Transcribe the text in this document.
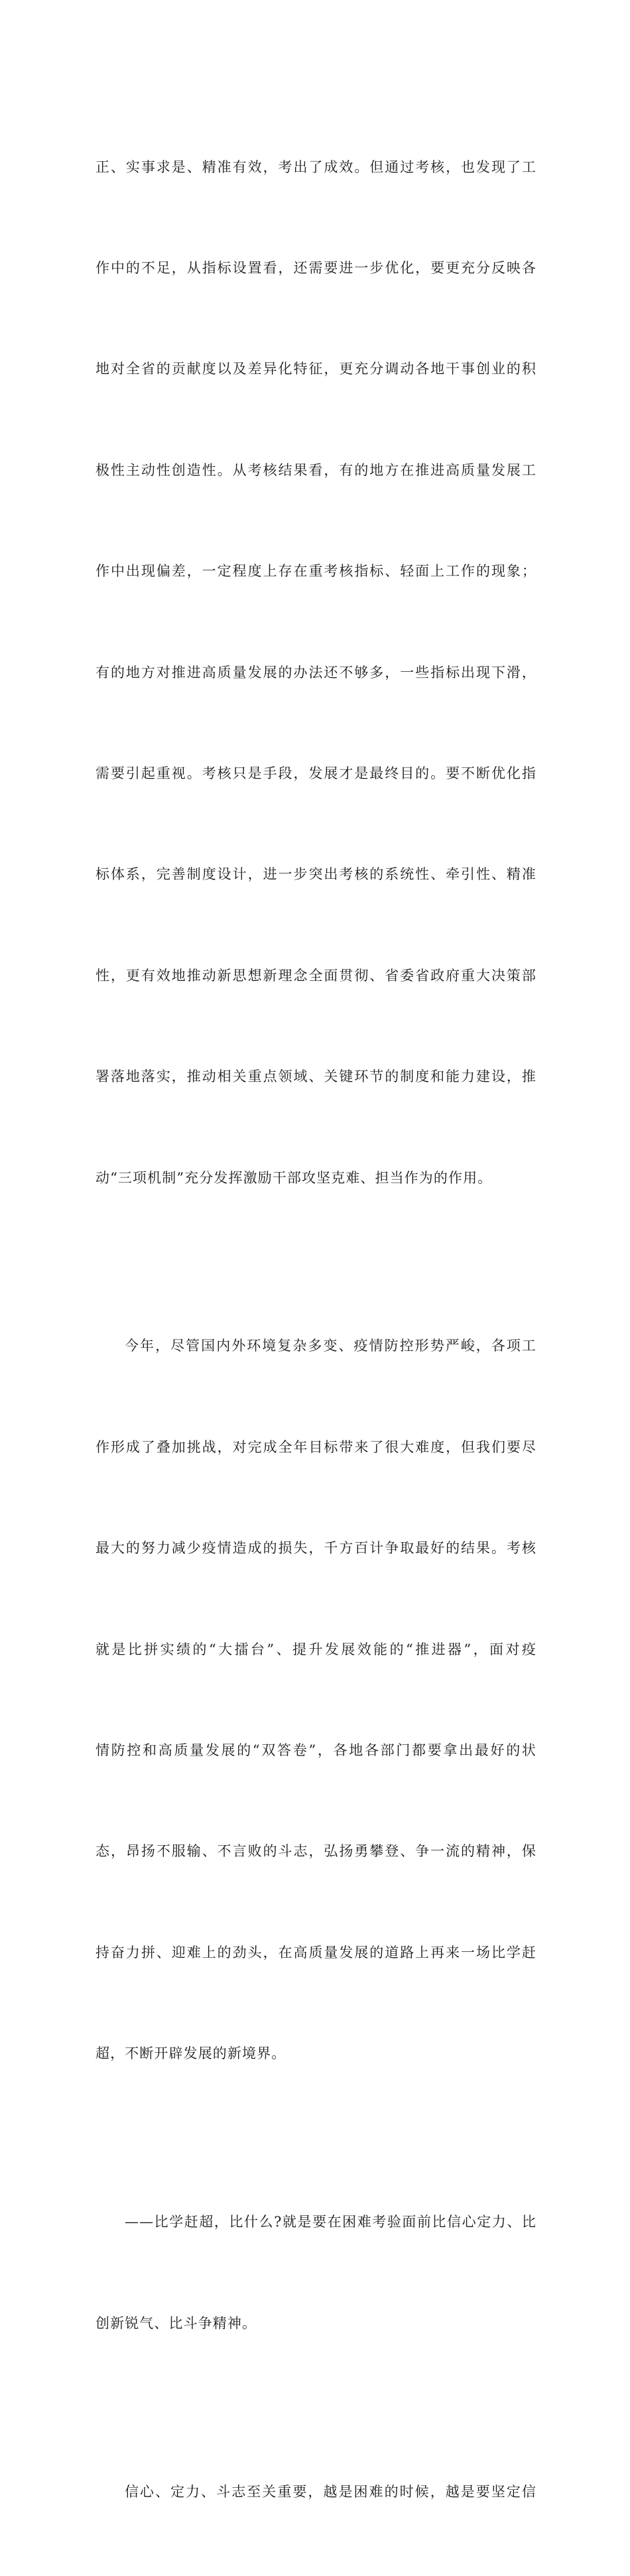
正、实事求是、精准有效，考出了成效。但通过考核，也发现了工

作中的不足，从指标设置看，还需要进一步优化，要更充分反映各

地对全省的贡献度以及差异化特征，更充分调动各地干事创业的积

极性主动性创造性。从考核结果看，有的地方在推进高质量发展工

作中出现偏差，一定程度上存在重考核指标、轻面上工作的现象；

有的地方对推进高质量发展的办法还不够多，一些指标出现下滑，

需要引起重视。考核只是手段，发展才是最终目的。要不断优化指

标体系，完善制度设计，进一步突出考核的系统性、牵引性、精准

性，更有效地推动新思想新理念全面贯彻、省委省政府重大决策部

署落地落实，推动相关重点领域、关键环节的制度和能力建设，推

动“三项机制”充分发挥激励干部攻坚克难、担当作为的作用。

今年，尽管国内外环境复杂多变、疫情防控形势严峻，各项工

作形成了叠加挑战，对完成全年目标带来了很大难度，但我们要尽

最大的努力减少疫情造成的损失，千方百计争取最好的结果。考核

就是比拼实绩的“大擂台”、提升发展效能的“推进器”，面对疫

情防控和高质量发展的“双答卷”，各地各部门都要拿出最好的状

态，昂扬不服输、不言败的斗志，弘扬勇攀登、争一流的精神，保

持奋力拼、迎难上的劲头，在高质量发展的道路上再来一场比学赶

超，不断开辟发展的新境界。

——比学赶超，比什么?就是要在困难考验面前比信心定力、比

创新锐气、比斗争精神。

信心、定力、斗志至关重要，越是困难的时候，越是要坚定信
